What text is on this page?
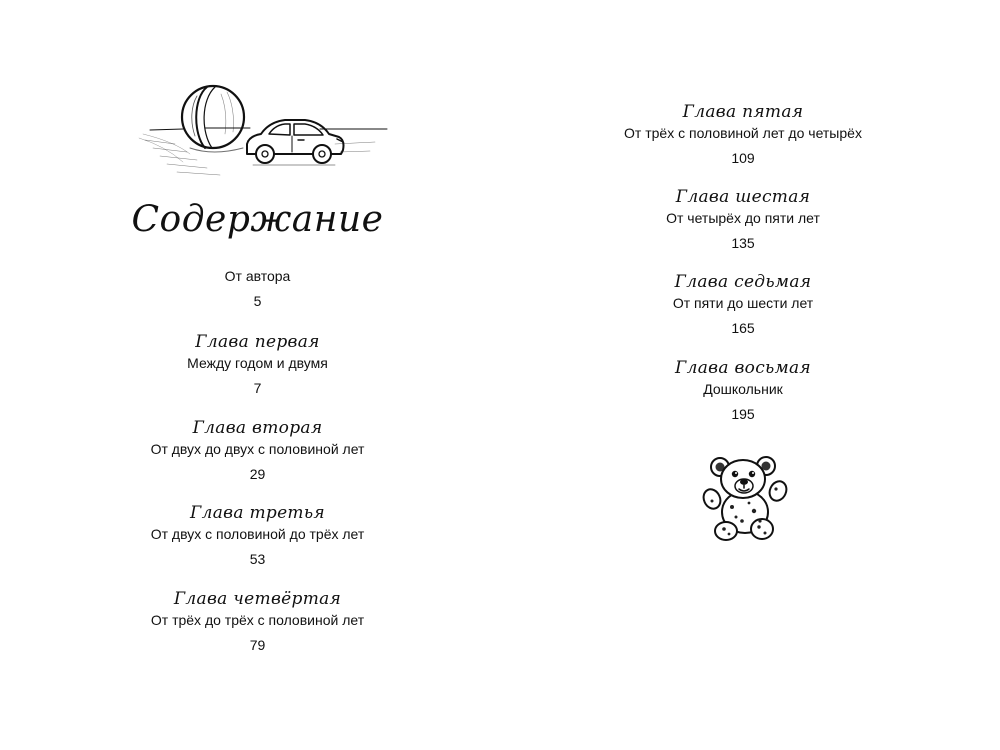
Содержание
От автора
5
Глава первая
Между годом и двумя
7
Глава вторая
От двух до двух с половиной лет
29
Глава третья
От двух с половиной до трёх лет
53
Глава четвёртая
От трёх до трёх с половиной лет
79
Глава пятая
От трёх с половиной лет до четырёх
109
Глава шестая
От четырёх до пяти лет
135
Глава седьмая
От пяти до шести лет
165
Глава восьмая
Дошкольник
195
